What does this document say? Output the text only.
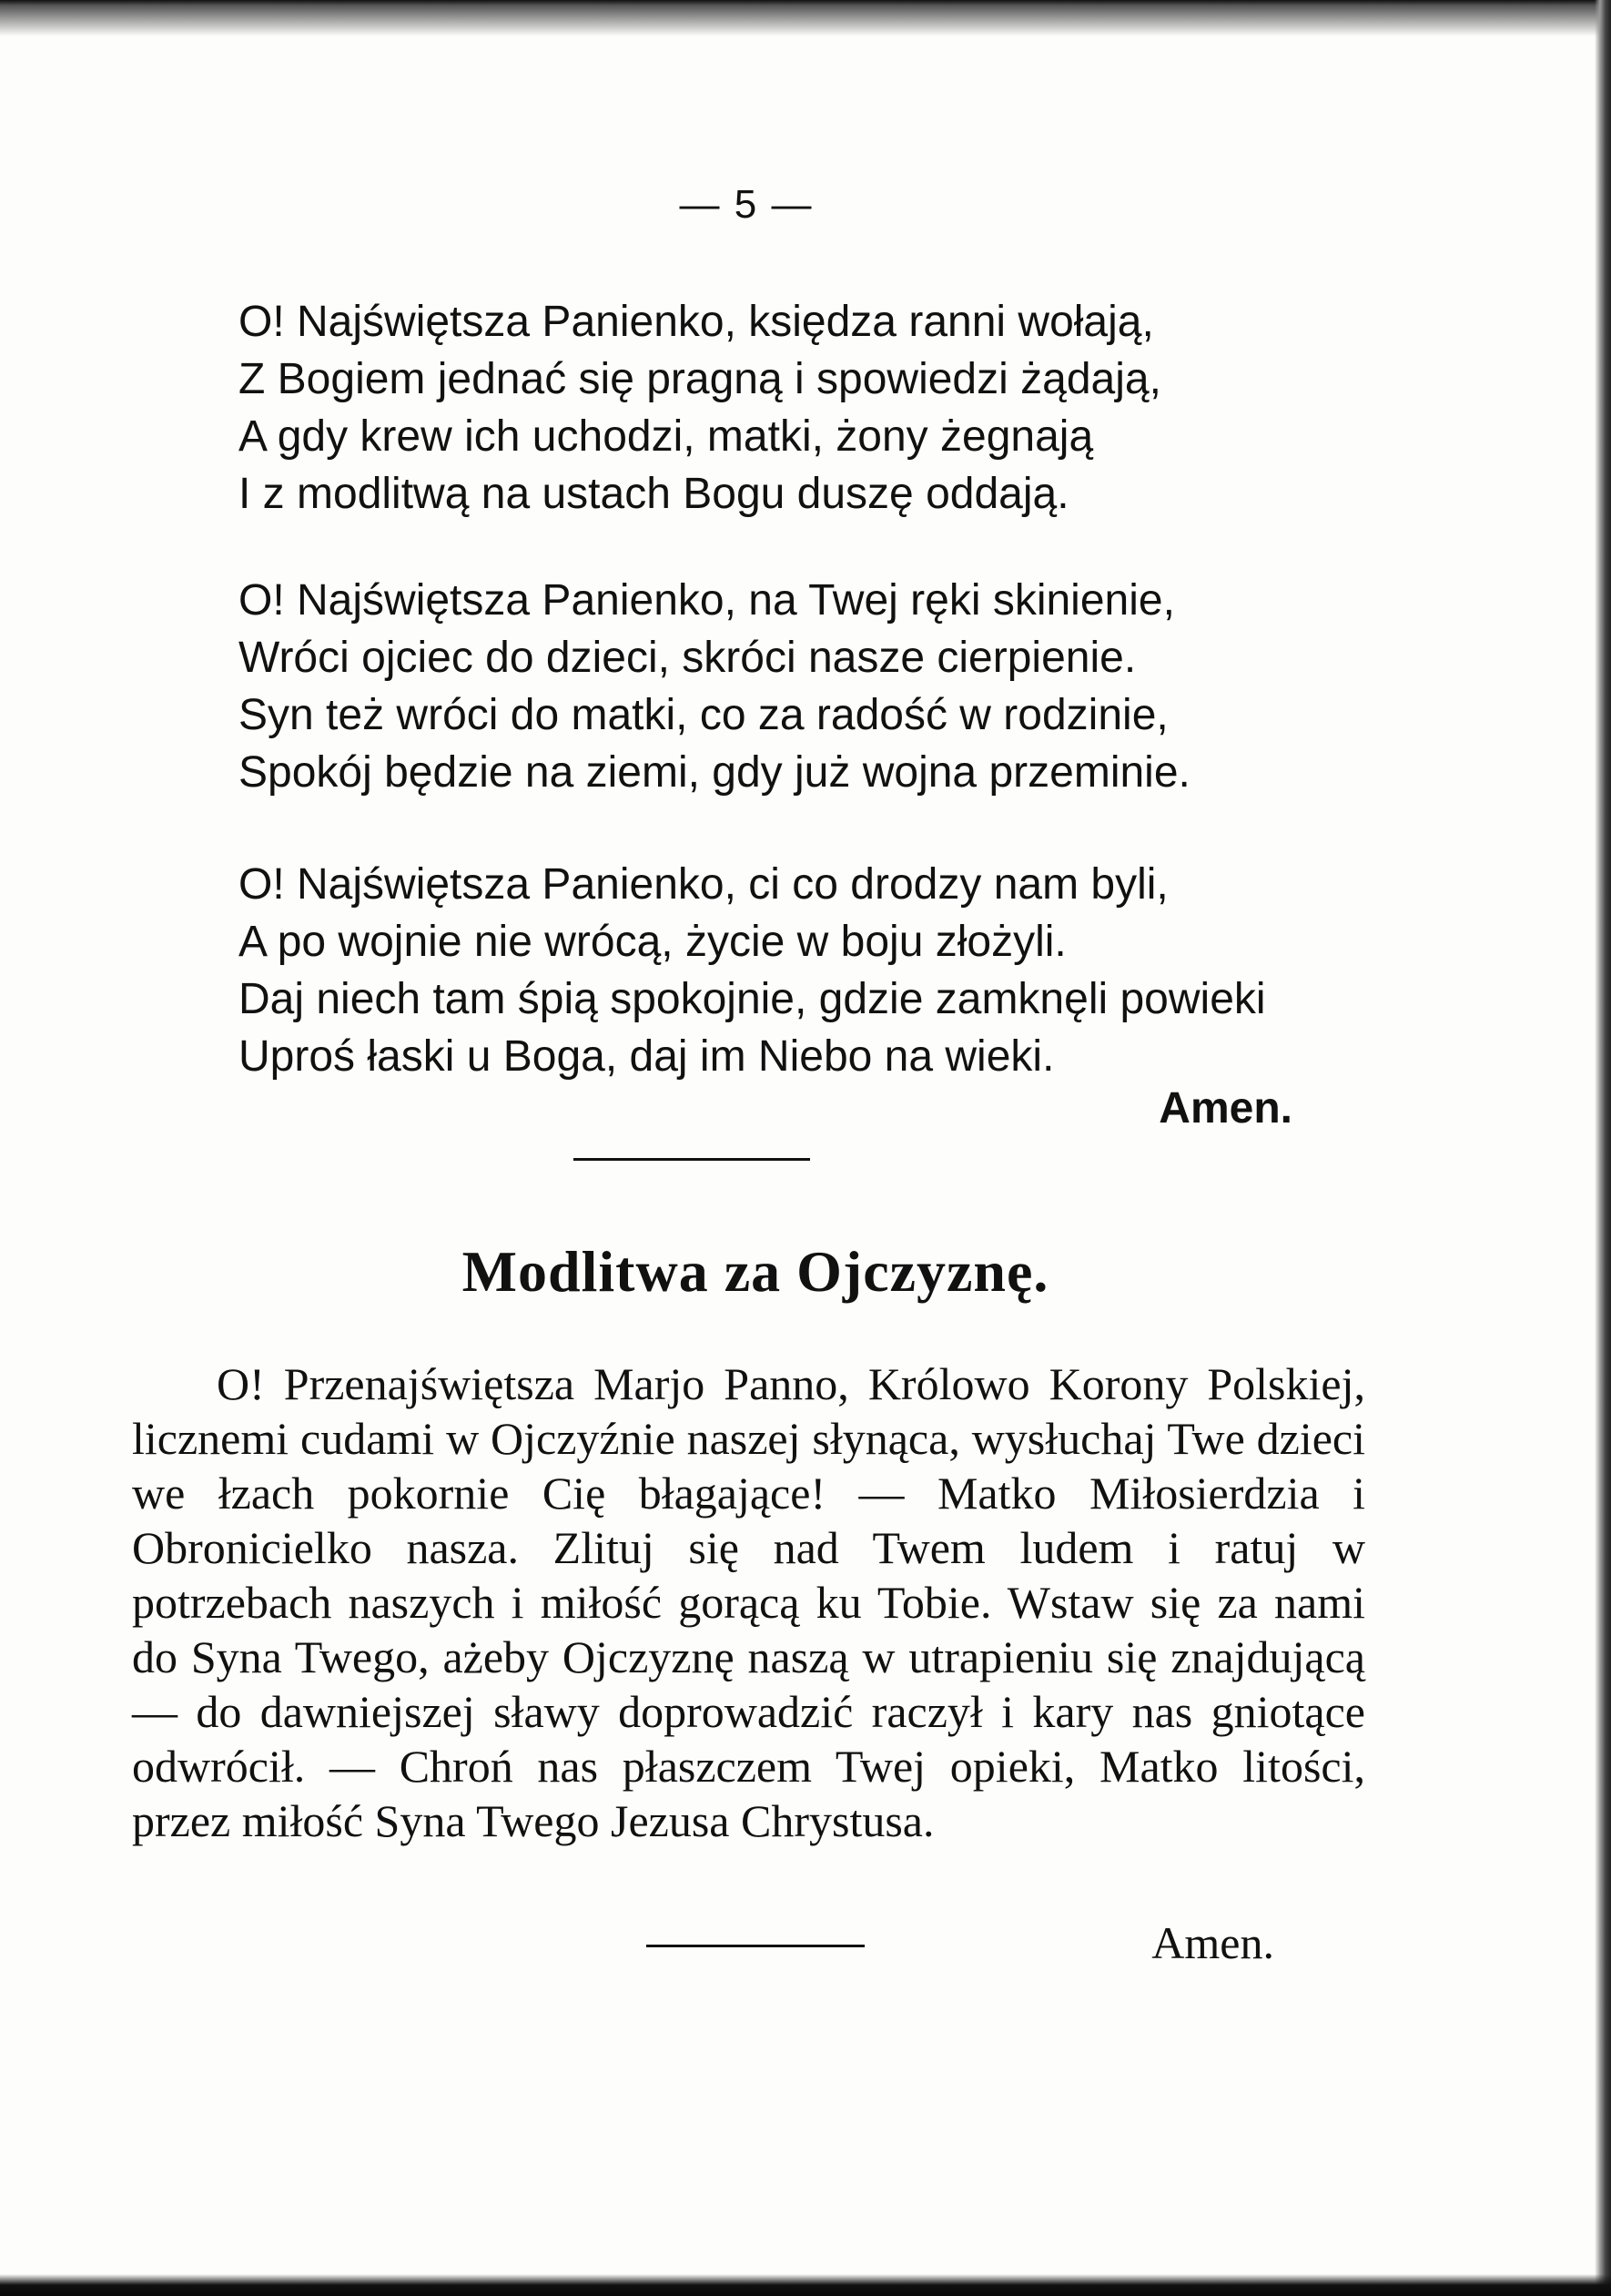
— 5 —
O! Najświętsza Panienko, księdza ranni wołają,
Z Bogiem jednać się pragną i spowiedzi żądają,
A gdy krew ich uchodzi, matki, żony żegnają
I z modlitwą na ustach Bogu duszę oddają.
O! Najświętsza Panienko, na Twej ręki skinienie,
Wróci ojciec do dzieci, skróci nasze cierpienie.
Syn też wróci do matki, co za radość w rodzinie,
Spokój będzie na ziemi, gdy już wojna przeminie.
O! Najświętsza Panienko, ci co drodzy nam byli,
A po wojnie nie wrócą, życie w boju złożyli.
Daj niech tam śpią spokojnie, gdzie zamknęli powieki
Uproś łaski u Boga, daj im Niebo na wieki.
Amen.
Modlitwa za Ojczyznę.
O! Przenajświętsza Marjo Panno, Królowo Korony Polskiej, licznemi cudami w Ojczyźnie naszej słynąca, wysłuchaj Twe dzieci we łzach pokornie Cię błagające! — Matko Miłosierdzia i Obronicielko nasza. Zlituj się nad Twem ludem i ratuj w potrzebach naszych i miłość gorącą ku Tobie. Wstaw się za nami do Syna Twego, ażeby Ojczyznę naszą w utrapieniu się znajdującą — do dawniejszej sławy doprowadzić raczył i kary nas gniotące odwrócił. — Chroń nas płaszczem Twej opieki, Matko litości, przez miłość Syna Twego Jezusa Chrystusa.
Amen.
